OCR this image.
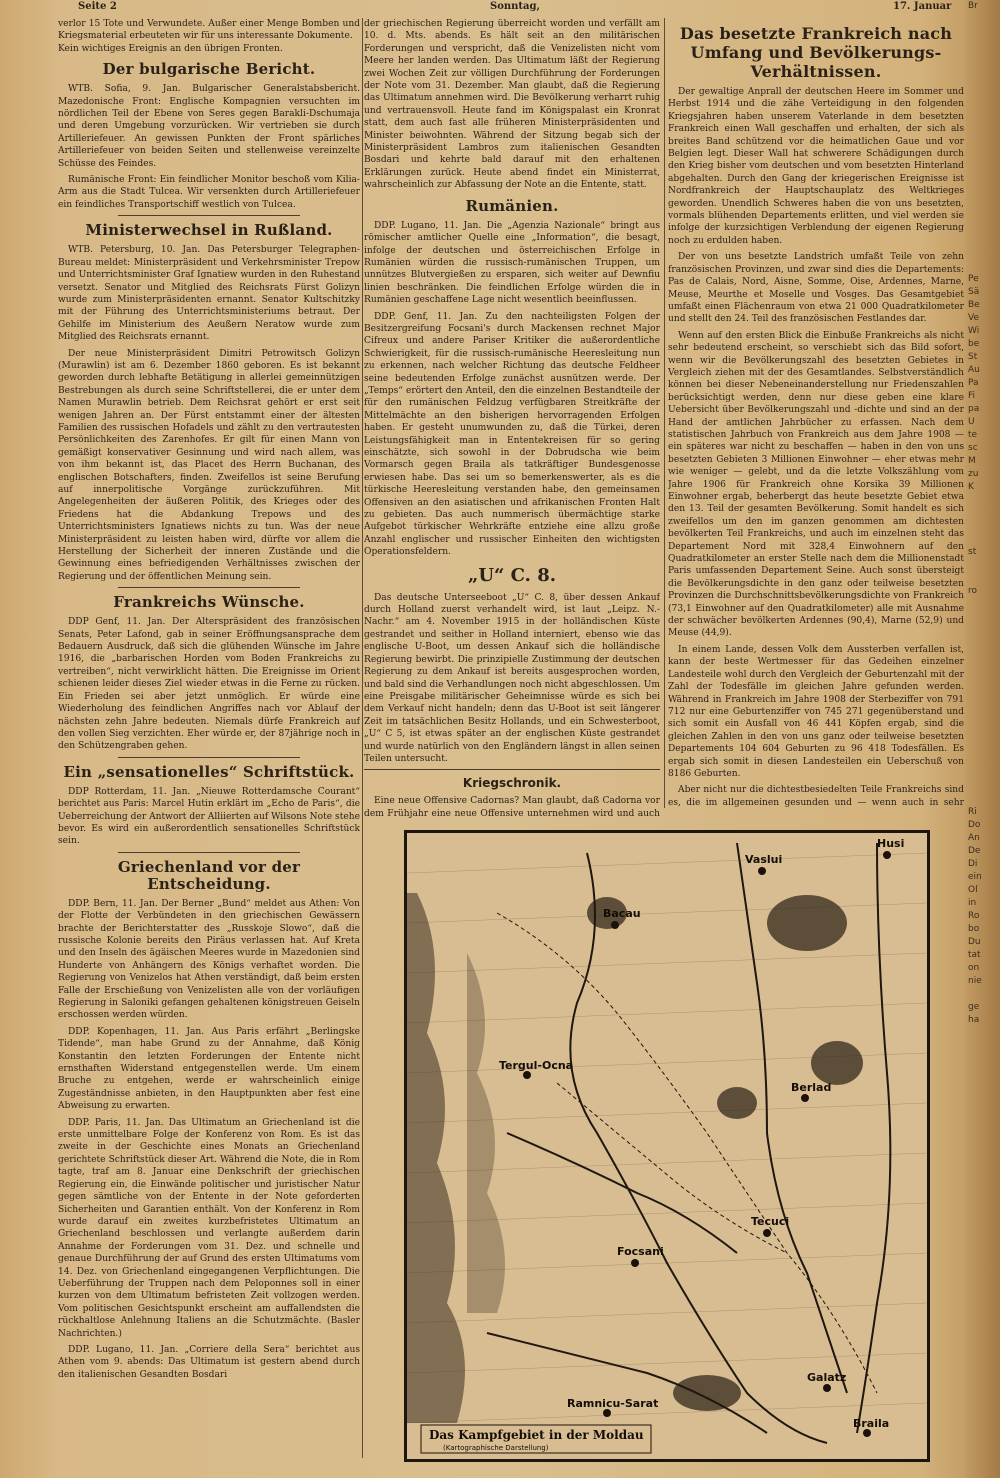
Seite 2	Sonntag,	17. Januar

verlor 15 Tote und Verwundete. Außer einer Menge Bomben und Kriegsmaterial erbeuteten wir für uns interessante Dokumente.
Kein wichtiges Ereignis an den übrigen Fronten.

Der bulgarische Bericht.

WTB. Sofia, 9. Jan. Bulgarischer Generalstabsbericht. Mazedonische Front: Englische Kompagnien versuchten im nördlichen Teil der Ebene von Seres gegen Barakli-Dschumaja und deren Umgebung vorzurücken. Wir vertrieben sie durch Artilleriefeuer. An gewissen Punkten der Front spärliches Artilleriefeuer von beiden Seiten und stellenweise vereinzelte Schüsse des Feindes.

Rumänische Front: Ein feindlicher Monitor beschoß vom Kilia-Arm aus die Stadt Tulcea. Wir versenkten durch Artilleriefeuer ein feindliches Transportschiff westlich von Tulcea.

Ministerwechsel in Rußland.

WTB. Petersburg, 10. Jan. Das Petersburger Telegraphen-Bureau meldet: Ministerpräsident und Verkehrsminister Trepow und Unterrichtsminister Graf Ignatiew wurden in den Ruhestand versetzt. Senator und Mitglied des Reichsrats Fürst Golizyn wurde zum Ministerpräsidenten ernannt. Senator Kultschitzky mit der Führung des Unterrichtsministeriums betraut. Der Gehilfe im Ministerium des Aeußern Neratow wurde zum Mitglied des Reichsrats ernannt.

Der neue Ministerpräsident Dimitri Petrowitsch Golizyn (Murawlin) ist am 6. Dezember 1860 geboren. Es ist bekannt geworden durch lebhafte Betätigung in allerlei gemeinnützigen Bestrebungen als durch seine Schriftstellerei, die er unter dem Namen Murawlin betrieb. Dem Reichsrat gehört er erst seit wenigen Jahren an. Der Fürst entstammt einer der ältesten Familien des russischen Hofadels und zählt zu den vertrautesten Persönlichkeiten des Zarenhofes. Er gilt für einen Mann von gemäßigt konservativer Gesinnung und wird nach allem, was von ihm bekannt ist, das Placet des Herrn Buchanan, des englischen Botschafters, finden. Zweifellos ist seine Berufung auf innerpolitische Vorgänge zurückzuführen. Mit Angelegenheiten der äußeren Politik, des Krieges oder des Friedens hat die Abdankung Trepows und des Unterrichtsministers Ignatiews nichts zu tun. Was der neue Ministerpräsident zu leisten haben wird, dürfte vor allem die Herstellung der Sicherheit der inneren Zustände und die Gewinnung eines befriedigenden Verhältnisses zwischen der Regierung und der öffentlichen Meinung sein.

Frankreichs Wünsche.

DDP Genf, 11. Jan. Der Alterspräsident des französischen Senats, Peter Lafond, gab in seiner Eröffnungsansprache dem Bedauern Ausdruck, daß sich die glühenden Wünsche im Jahre 1916, die „barbarischen Horden vom Boden Frankreichs zu vertreiben“, nicht verwirklicht hätten. Die Ereignisse im Orient schienen leider dieses Ziel wieder etwas in die Ferne zu rücken. Ein Frieden sei aber jetzt unmöglich. Er würde eine Wiederholung des feindlichen Angriffes nach vor Ablauf der nächsten zehn Jahre bedeuten. Niemals dürfe Frankreich auf den vollen Sieg verzichten. Eher würde er, der 87jährige noch in den Schützengraben gehen.

Ein „sensationelles“ Schriftstück.

DDP Rotterdam, 11. Jan. „Nieuwe Rotterdamsche Courant“ berichtet aus Paris: Marcel Hutin erklärt im „Echo de Paris“, die Ueberreichung der Antwort der Alliierten auf Wilsons Note stehe bevor. Es wird ein außerordentlich sensationelles Schriftstück sein.

Griechenland vor der Entscheidung.

DDP. Bern, 11. Jan. Der Berner „Bund“ meldet aus Athen: Von der Flotte der Verbündeten in den griechischen Gewässern brachte der Berichterstatter des „Russkoje Slowo“, daß die russische Kolonie bereits den Piräus verlassen hat. Auf Kreta und den Inseln des ägäischen Meeres wurde in Mazedonien sind Hunderte von Anhängern des Königs verhaftet worden. Die Regierung von Venizelos hat Athen verständigt, daß beim ersten Falle der Erschießung von Venizelisten alle von der vorläufigen Regierung in Saloniki gefangen gehaltenen königstreuen Geiseln erschossen werden würden.

DDP. Kopenhagen, 11. Jan. Aus Paris erfährt „Berlingske Tidende“, man habe Grund zu der Annahme, daß König Konstantin den letzten Forderungen der Entente nicht ernsthaften Widerstand entgegenstellen werde. Um einem Bruche zu entgehen, werde er wahrscheinlich einige Zugeständnisse anbieten, in den Hauptpunkten aber fest eine Abweisung zu erwarten.

DDP. Paris, 11. Jan. Das Ultimatum an Griechenland ist die erste unmittelbare Folge der Konferenz von Rom. Es ist das zweite in der Geschichte eines Monats an Griechenland gerichtete Schriftstück dieser Art. Während die Note, die in Rom tagte, traf am 8. Januar eine Denkschrift der griechischen Regierung ein, die Einwände politischer und juristischer Natur gegen sämtliche von der Entente in der Note geforderten Sicherheiten und Garantien enthält. Von der Konferenz in Rom wurde darauf ein zweites kurzbefristetes Ultimatum an Griechenland beschlossen und verlangte außerdem darin Annahme der Forderungen vom 31. Dez. und schnelle und genaue Durchführung der auf Grund des ersten Ultimatums vom 14. Dez. von Griechenland eingegangenen Verpflichtungen. Die Ueberführung der Truppen nach dem Peloponnes soll in einer kurzen von dem Ultimatum befristeten Zeit vollzogen werden. Vom politischen Gesichtspunkt erscheint am auffallendsten die rückhaltlose Anlehnung Italiens an die Schutzmächte. (Basler Nachrichten.)

DDP. Lugano, 11. Jan. „Corriere della Sera“ berichtet aus Athen vom 9. abends: Das Ultimatum ist gestern abend durch den italienischen Gesandten Bosdari

der griechischen Regierung überreicht worden und verfällt am 10. d. Mts. abends. Es hält seit an den militärischen Forderungen und verspricht, daß die Venizelisten nicht vom Meere her landen werden. Das Ultimatum läßt der Regierung zwei Wochen Zeit zur völligen Durchführung der Forderungen der Note vom 31. Dezember. Man glaubt, daß die Regierung das Ultimatum annehmen wird. Die Bevölkerung verharrt ruhig und vertrauensvoll. Heute fand im Königspalast ein Kronrat statt, dem auch fast alle früheren Ministerpräsidenten und Minister beiwohnten. Während der Sitzung begab sich der Ministerpräsident Lambros zum italienischen Gesandten Bosdari und kehrte bald darauf mit den erhaltenen Erklärungen zurück. Heute abend findet ein Ministerrat, wahrscheinlich zur Abfassung der Note an die Entente, statt.

Rumänien.

DDP. Lugano, 11. Jan. Die „Agenzia Nazionale“ bringt aus römischer amtlicher Quelle eine „Information“, die besagt, infolge der deutschen und österreichischen Erfolge in Rumänien würden die russisch-rumänischen Truppen, um unnützes Blutvergießen zu ersparen, sich weiter auf Dewnfiu linien beschränken. Die feindlichen Erfolge würden die in Rumänien geschaffene Lage nicht wesentlich beeinflussen.

DDP. Genf, 11. Jan. Zu den nachteiligsten Folgen der Besitzergreifung Focsani's durch Mackensen rechnet Major Cifreux und andere Pariser Kritiker die außerordentliche Schwierigkeit, für die russisch-rumänische Heeresleitung nun zu erkennen, nach welcher Richtung das deutsche Feldheer seine bedeutenden Erfolge zunächst ausnützen werde. Der „Temps“ erörtert den Anteil, den die einzelnen Bestandteile der für den rumänischen Feldzug verfügbaren Streitkräfte der Mittelmächte an den bisherigen hervorragenden Erfolgen haben. Er gesteht unumwunden zu, daß die Türkei, deren Leistungsfähigkeit man in Ententekreisen für so gering einschätzte, sich sowohl in der Dobrudscha wie beim Vormarsch gegen Braila als tatkräftiger Bundesgenosse erwiesen habe. Das sei um so bemerkenswerter, als es die türkische Heeresleitung verstanden habe, den gemeinsamen Offensiven an den asiatischen und afrikanischen Fronten Halt zu gebieten. Das auch nummerisch übermächtige starke Aufgebot türkischer Wehrkräfte entziehe eine allzu große Anzahl englischer und russischer Einheiten den wichtigsten Operationsfeldern.

„U“ C. 8.

Das deutsche Unterseeboot „U“ C. 8, über dessen Ankauf durch Holland zuerst verhandelt wird, ist laut „Leipz. N.-Nachr.“ am 4. November 1915 in der holländischen Küste gestrandet und seither in Holland interniert, ebenso wie das englische U-Boot, um dessen Ankauf sich die holländische Regierung bewirbt. Die prinzipielle Zustimmung der deutschen Regierung zu dem Ankauf ist bereits ausgesprochen worden, und bald sind die Verhandlungen noch nicht abgeschlossen. Um eine Preisgabe militärischer Geheimnisse würde es sich bei dem Verkauf nicht handeln; denn das U-Boot ist seit längerer Zeit im tatsächlichen Besitz Hollands, und ein Schwesterboot, „U“ C 5, ist etwas später an der englischen Küste gestrandet und wurde natürlich von den Engländern längst in allen seinen Teilen untersucht.

Kriegschronik.

Eine neue Offensive Cadornas? Man glaubt, daß Cadorna vor dem Frühjahr eine neue Offensive unternehmen wird und auch

Das besetzte Frankreich nach Umfang und Bevölkerungs-Verhältnissen.

Der gewaltige Anprall der deutschen Heere im Sommer und Herbst 1914 und die zähe Verteidigung in den folgenden Kriegsjahren haben unserem Vaterlande in dem besetzten Frankreich einen Wall geschaffen und erhalten, der sich als breites Band schützend vor die heimatlichen Gaue und vor Belgien legt. Dieser Wall hat schwerere Schädigungen durch den Krieg bisher vom deutschen und vom besetzten Hinterland abgehalten. Durch den Gang der kriegerischen Ereignisse ist Nordfrankreich der Hauptschauplatz des Weltkrieges geworden. Unendlich Schweres haben die von uns besetzten, vormals blühenden Departements erlitten, und viel werden sie infolge der kurzsichtigen Verblendung der eigenen Regierung noch zu erdulden haben.

Der von uns besetzte Landstrich umfaßt Teile von zehn französischen Provinzen, und zwar sind dies die Departements: Pas de Calais, Nord, Aisne, Somme, Oise, Ardennes, Marne, Meuse, Meurthe et Moselle und Vosges. Das Gesamtgebiet umfaßt einen Flächenraum von etwa 21 000 Quadratkilometer und stellt den 24. Teil des französischen Festlandes dar.

Wenn auf den ersten Blick die Einbuße Frankreichs als nicht sehr bedeutend erscheint, so verschiebt sich das Bild sofort, wenn wir die Bevölkerungszahl des besetzten Gebietes in Vergleich ziehen mit der des Gesamtlandes. Selbstverständlich können bei dieser Nebeneinanderstellung nur Friedenszahlen berücksichtigt werden, denn nur diese geben eine klare Uebersicht über Bevölkerungszahl und -dichte und sind an der Hand der amtlichen Jahrbücher zu erfassen. Nach dem statistischen Jahrbuch von Frankreich aus dem Jahre 1908 — ein späteres war nicht zu beschaffen — haben in den von uns besetzten Gebieten 3 Millionen Einwohner — eher etwas mehr wie weniger — gelebt, und da die letzte Volkszählung vom Jahre 1906 für Frankreich ohne Korsika 39 Millionen Einwohner ergab, beherbergt das heute besetzte Gebiet etwa den 13. Teil der gesamten Bevölkerung. Somit handelt es sich zweifellos um den im ganzen genommen am dichtesten bevölkerten Teil Frankreichs, und auch im einzelnen steht das Departement Nord mit 328,4 Einwohnern auf den Quadratkilometer an erster Stelle nach dem die Millionenstadt Paris umfassenden Departement Seine. Auch sonst übersteigt die Bevölkerungsdichte in den ganz oder teilweise besetzten Provinzen die Durchschnittsbevölkerungsdichte von Frankreich (73,1 Einwohner auf den Quadratkilometer) alle mit Ausnahme der schwächer bevölkerten Ardennes (90,4), Marne (52,9) und Meuse (44,9).

In einem Lande, dessen Volk dem Aussterben verfallen ist, kann der beste Wertmesser für das Gedeihen einzelner Landesteile wohl durch den Vergleich der Geburtenzahl mit der Zahl der Todesfälle im gleichen Jahre gefunden werden. Während in Frankreich im Jahre 1908 der Sterbeziffer von 791 712 nur eine Geburtenziffer von 745 271 gegenüberstand und sich somit ein Ausfall von 46 441 Köpfen ergab, sind die gleichen Zahlen in den von uns ganz oder teilweise besetzten Departements 104 604 Geburten zu 96 418 Todesfällen. Es ergab sich somit in diesen Landesteilen ein Ueberschuß von 8186 Geburten.

Aber nicht nur die dichtestbesiedelten Teile Frankreichs sind es, die im allgemeinen gesunden und — wenn auch in sehr

Br

Pe
Sä
Be
Ve
Wi
be
St
Au
Pa
Fi
pa
U
te
sc
M
zu
K

st

ro

Ri
Do
An
De
Di
ein
Ol
in
Ro
bo
Du
tat
on
nie

ge
ha
Vaslui
Husi
Bacau
Tergul-Ocna
Berlad
Tecuci
Focsani
Galatz
Ramnicu-Sarat
Braila
Das Kampfgebiet in der Moldau
(Kartographische Darstellung)
